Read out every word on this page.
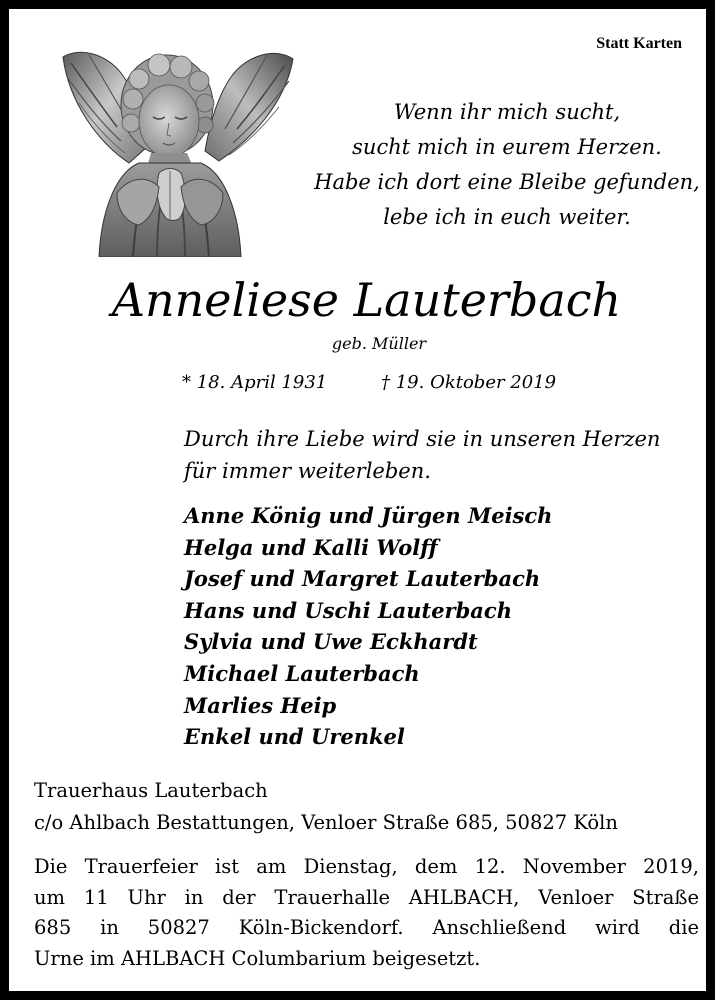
Statt Karten
Wenn ihr mich sucht,
sucht mich in eurem Herzen.
Habe ich dort eine Bleibe gefunden,
lebe ich in euch weiter.
Anneliese Lauterbach
geb. Müller
* 18. April 1931	† 19. Oktober 2019
Durch ihre Liebe wird sie in unseren Herzen
für immer weiterleben.
Anne König und Jürgen Meisch
Helga und Kalli Wolff
Josef und Margret Lauterbach
Hans und Uschi Lauterbach
Sylvia und Uwe Eckhardt
Michael Lauterbach
Marlies Heip
Enkel und Urenkel
Trauerhaus Lauterbach
c/o Ahlbach Bestattungen, Venloer Straße 685, 50827 Köln
Die Trauerfeier ist am Dienstag, dem 12. November 2019,
um 11 Uhr in der Trauerhalle AHLBACH, Venloer Straße
685 in 50827 Köln-Bickendorf. Anschließend wird die
Urne im AHLBACH Columbarium beigesetzt.
